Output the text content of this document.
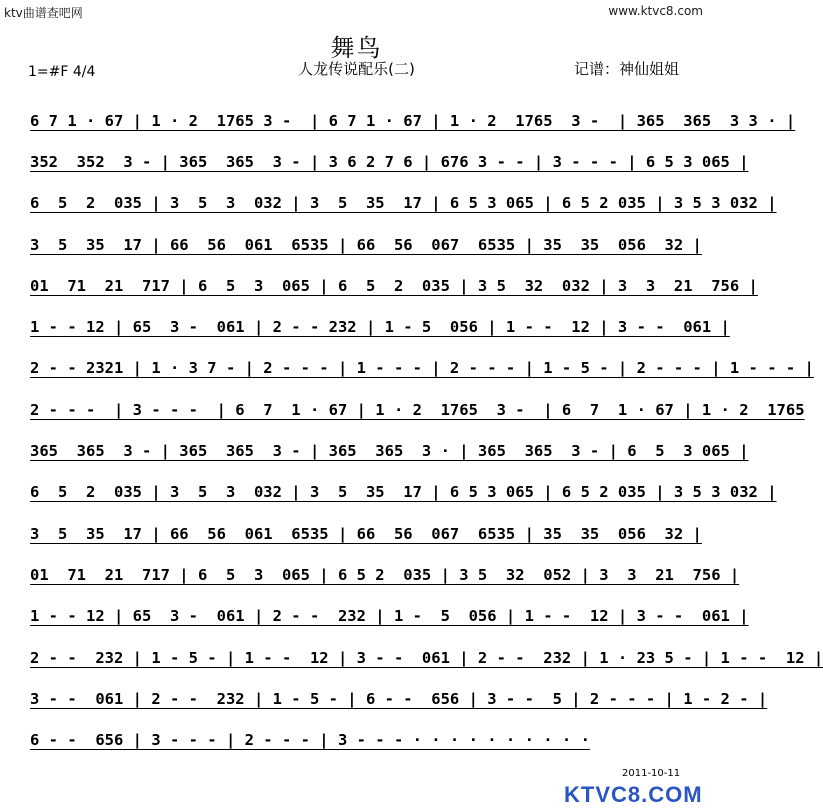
ktv曲谱查吧网	www.ktvc8.com
舞鸟
人龙传说配乐(二)
1=#F 4/4	记谱：神仙姐姐
6 7 1 · 67 | 1 · 2  1765 3 -  | 6 7 1 · 67 | 1 · 2  1765  3 -  | 365  365  3 3 · |
352  352  3 - | 365  365  3 - | 3 6 2 7 6 | 676 3 - - | 3 - - - | 6 5 3 065 |
6  5  2  035 | 3  5  3  032 | 3  5  35  17 | 6 5 3 065 | 6 5 2 035 | 3 5 3 032 |
3  5  35  17 | 66  56  061  6535 | 66  56  067  6535 | 35  35  056  32 |
01  71  21  717 | 6  5  3  065 | 6  5  2  035 | 3 5  32  032 | 3  3  21  756 |
1 - - 12 | 65  3 -  061 | 2 - - 232 | 1 - 5  056 | 1 - -  12 | 3 - -  061 |
2 - - 2321 | 1 · 3 7 - | 2 - - - | 1 - - - | 2 - - - | 1 - 5 - | 2 - - - | 1 - - - |
2 - - -  | 3 - - -  | 6  7  1 · 67 | 1 · 2  1765  3 -  | 6  7  1 · 67 | 1 · 2  1765
365  365  3 - | 365  365  3 - | 365  365  3 · | 365  365  3 - | 6  5  3 065 |
6  5  2  035 | 3  5  3  032 | 3  5  35  17 | 6 5 3 065 | 6 5 2 035 | 3 5 3 032 |
3  5  35  17 | 66  56  061  6535 | 66  56  067  6535 | 35  35  056  32 |
01  71  21  717 | 6  5  3  065 | 6 5 2  035 | 3 5  32  052 | 3  3  21  756 |
1 - - 12 | 65  3 -  061 | 2 - -  232 | 1 -  5  056 | 1 - -  12 | 3 - -  061 |
2 - -  232 | 1 - 5 - | 1 - -  12 | 3 - -  061 | 2 - -  232 | 1 · 23 5 - | 1 - -  12 |
3 - -  061 | 2 - -  232 | 1 - 5 - | 6 - -  656 | 3 - -  5 | 2 - - - | 1 - 2 - |
6 - -  656 | 3 - - - | 2 - - - | 3 - - - · · · · · · · · · ·
2011-10-11
KTVC8.COM
